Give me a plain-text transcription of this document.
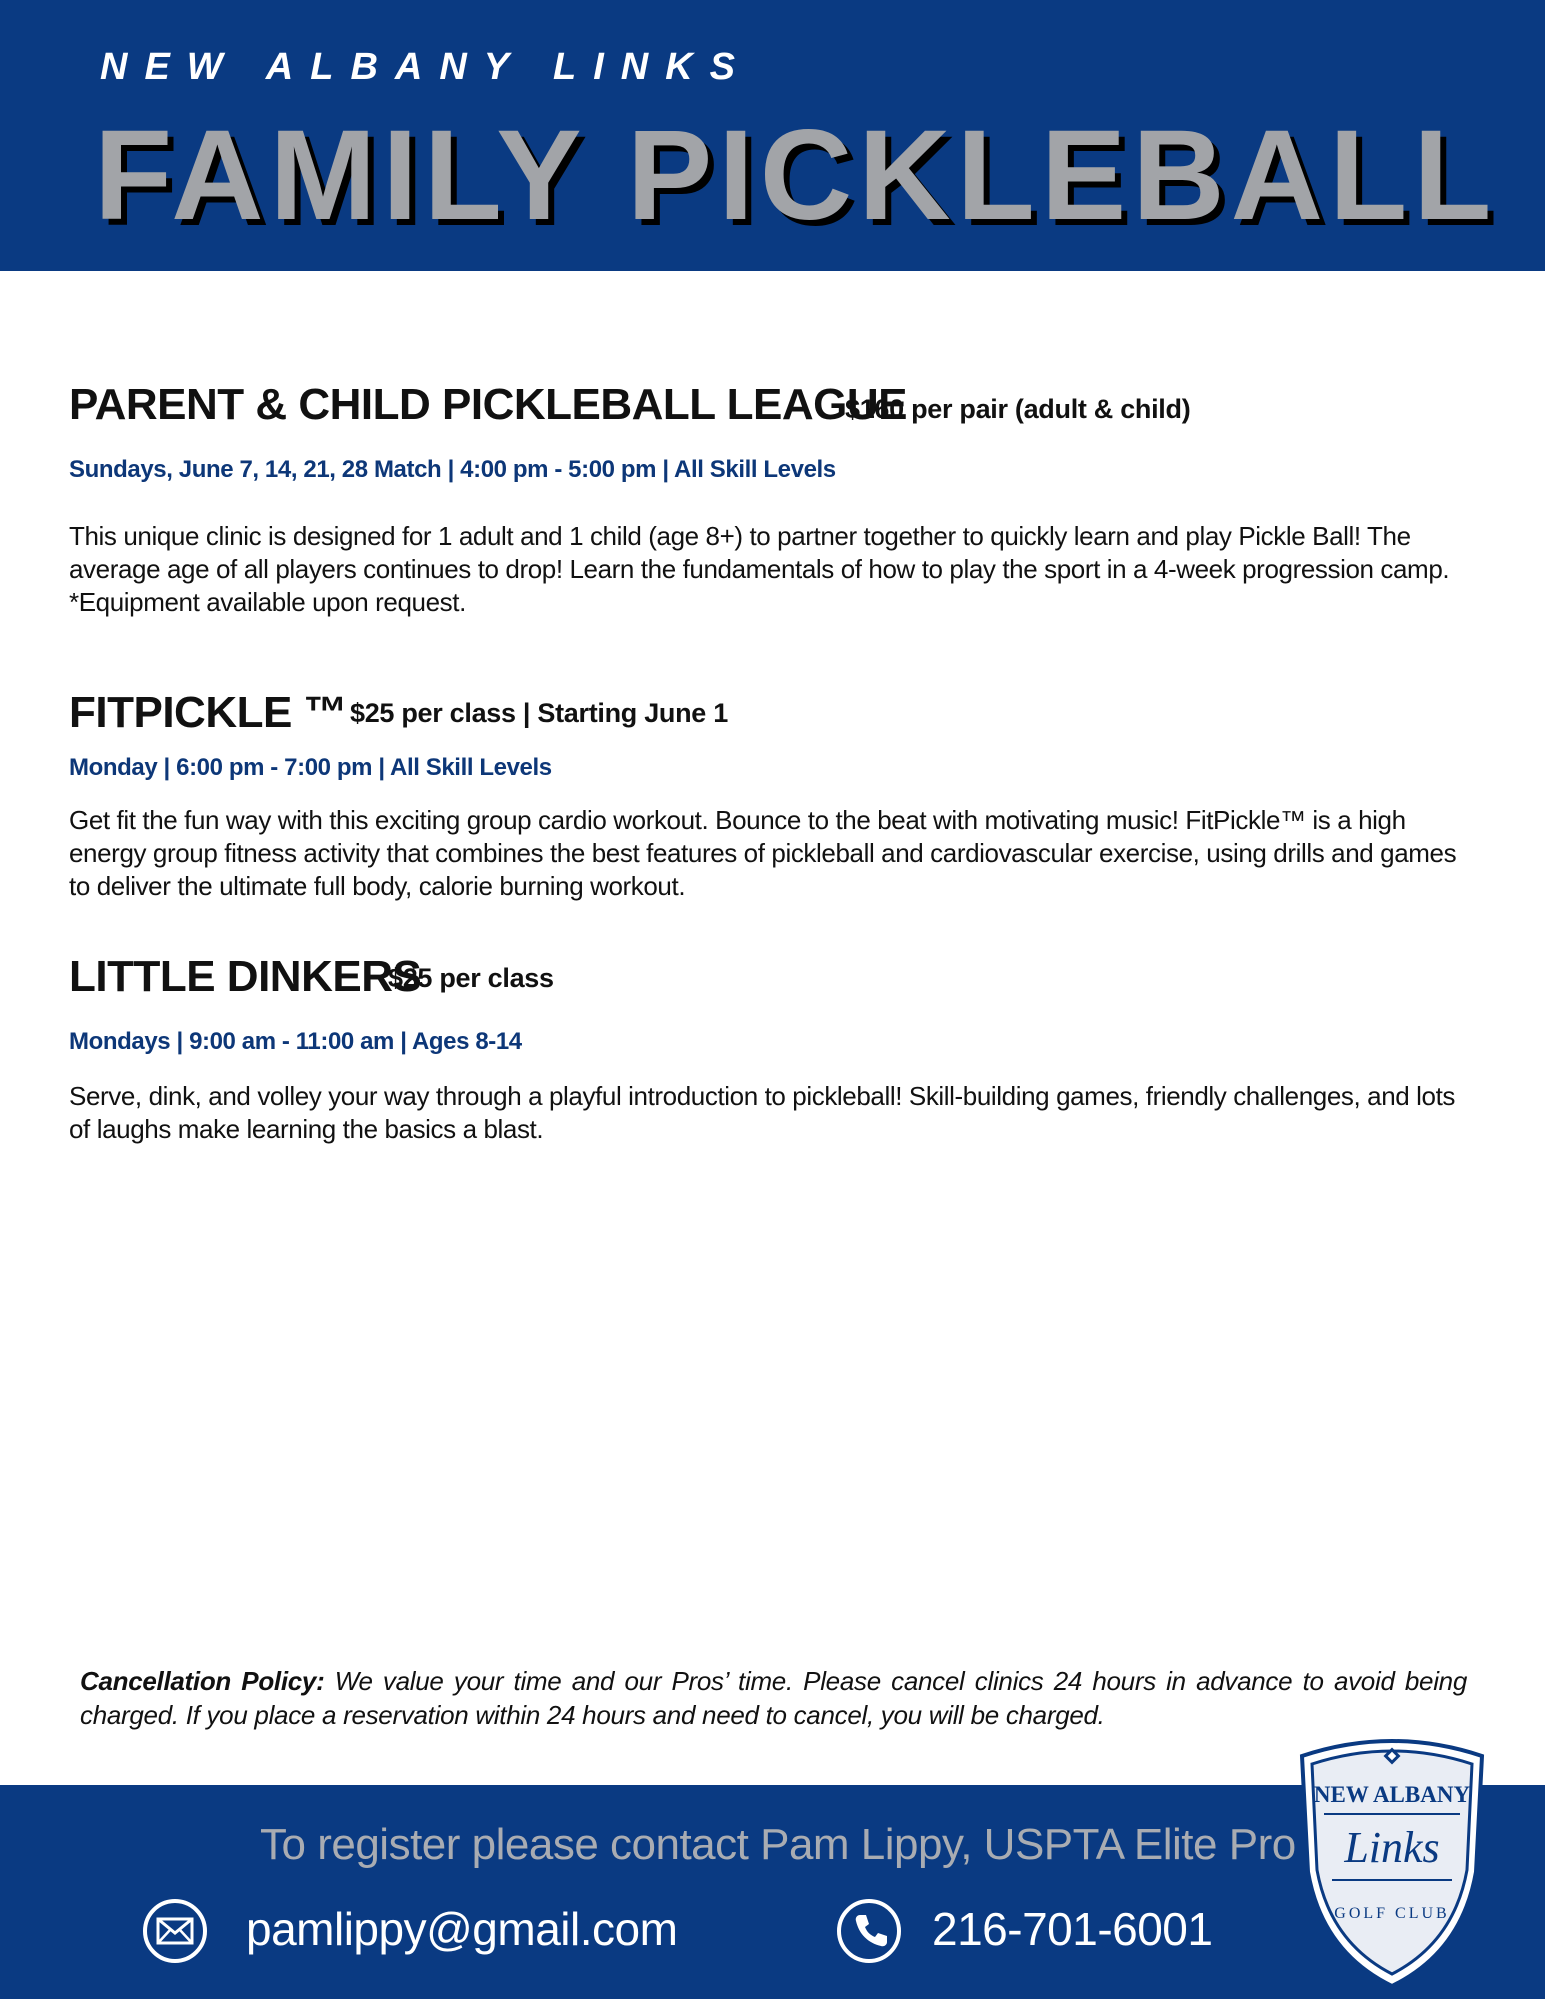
NEW ALBANY LINKS
FAMILY PICKLEBALL
PARENT & CHILD PICKLEBALL LEAGUE
$160 per pair (adult & child)
Sundays, June 7, 14, 21, 28 Match | 4:00 pm - 5:00 pm | All Skill Levels
This unique clinic is designed for 1 adult and 1 child (age 8+) to partner together to quickly learn and play Pickle Ball! The average age of all players continues to drop! Learn the fundamentals of how to play the sport in a 4-week progression camp. *Equipment available upon request.
FITPICKLE ™ $25 per class | Starting June 1
Monday | 6:00 pm - 7:00 pm | All Skill Levels
Get fit the fun way with this exciting group cardio workout. Bounce to the beat with motivating music! FitPickle™ is a high energy group fitness activity that combines the best features of pickleball and cardiovascular exercise, using drills and games to deliver the ultimate full body, calorie burning workout.
LITTLE DINKERS
$25 per class
Mondays | 9:00 am - 11:00 am | Ages 8-14
Serve, dink, and volley your way through a playful introduction to pickleball! Skill-building games, friendly challenges, and lots of laughs make learning the basics a blast.
Cancellation Policy: We value your time and our Pros’ time. Please cancel clinics 24 hours in advance to avoid being charged. If you place a reservation within 24 hours and need to cancel, you will be charged.
To register please contact Pam Lippy, USPTA Elite Pro
pamlippy@gmail.com	216-701-6001
NEW ALBANY
Links
GOLF CLUB
